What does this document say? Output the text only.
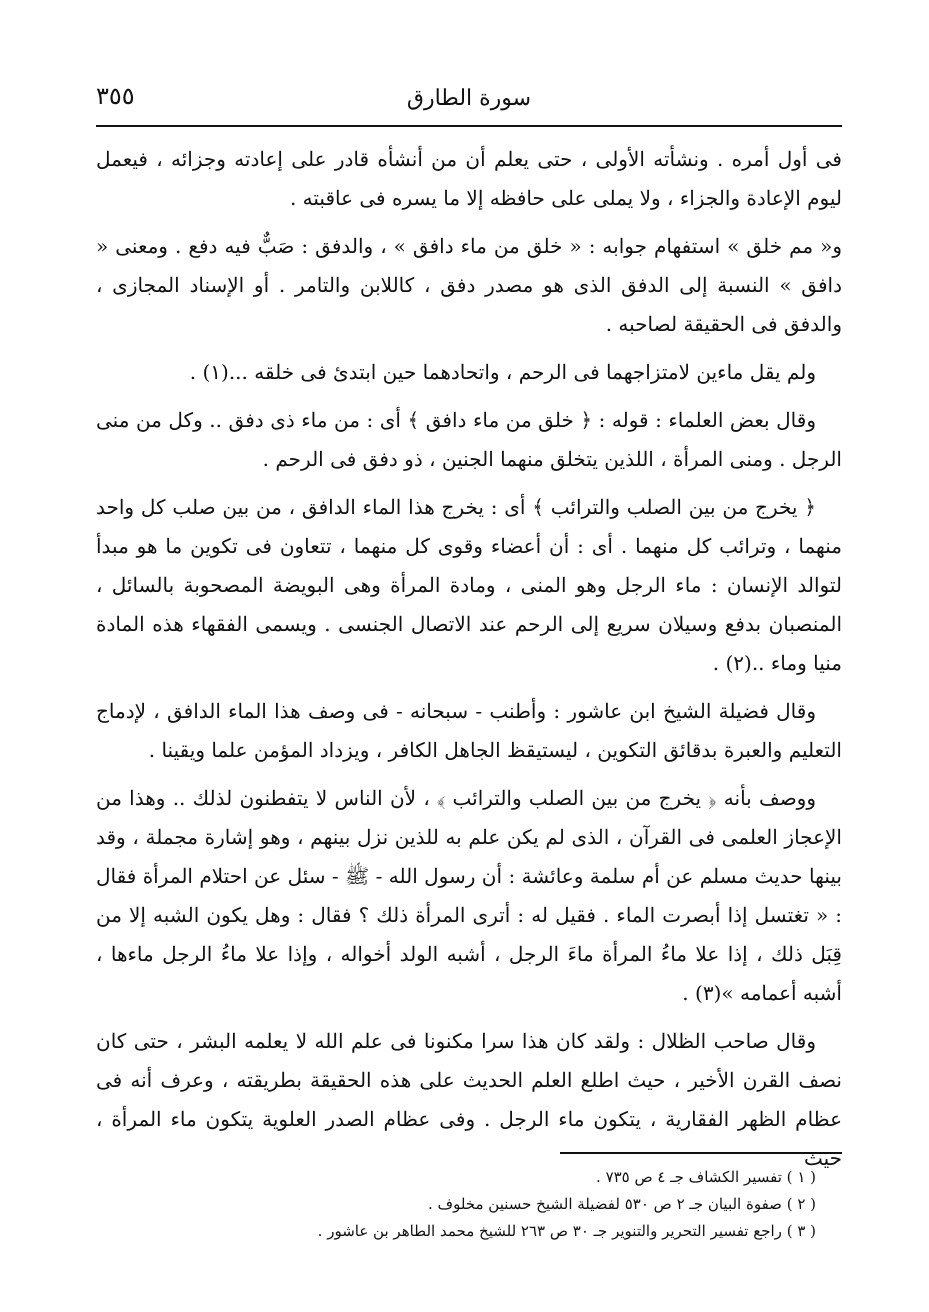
سورة الطارق
٣٥٥

فى أول أمره . ونشأته الأولى ، حتى يعلم أن من أنشأه قادر على إعادته وجزائه ، فيعمل ليوم الإعادة والجزاء ، ولا يملى على حافظه إلا ما يسره فى عاقبته .

و« مم خلق » استفهام جوابه : « خلق من ماء دافق » ، والدفق : صَبٌّ فيه دفع . ومعنى « دافق » النسبة إلى الدفق الذى هو مصدر دفق ، كاللابن والتامر . أو الإسناد المجازى ، والدفق فى الحقيقة لصاحبه .

ولم يقل ماءين لامتزاجهما فى الرحم ، واتحادهما حين ابتدئ فى خلقه ...(١) .

وقال بعض العلماء : قوله : ﴿ خلق من ماء دافق ﴾ أى : من ماء ذى دفق .. وكل من منى الرجل . ومنى المرأة ، اللذين يتخلق منهما الجنين ، ذو دفق فى الرحم .

﴿ يخرج من بين الصلب والترائب ﴾ أى : يخرج هذا الماء الدافق ، من بين صلب كل واحد منهما ، وترائب كل منهما . أى : أن أعضاء وقوى كل منهما ، تتعاون فى تكوين ما هو مبدأ لتوالد الإنسان : ماء الرجل وهو المنى ، ومادة المرأة وهى البويضة المصحوبة بالسائل ، المنصبان بدفع وسيلان سريع إلى الرحم عند الاتصال الجنسى . ويسمى الفقهاء هذه المادة منيا وماء ..(٢) .

وقال فضيلة الشيخ ابن عاشور : وأطنب - سبحانه - فى وصف هذا الماء الدافق ، لإدماج التعليم والعبرة بدقائق التكوين ، ليستيقظ الجاهل الكافر ، ويزداد المؤمن علما ويقينا .

ووصف بأنه ﴿ يخرج من بين الصلب والترائب ﴾ ، لأن الناس لا يتفطنون لذلك .. وهذا من الإعجاز العلمى فى القرآن ، الذى لم يكن علم به للذين نزل بينهم ، وهو إشارة مجملة ، وقد بينها حديث مسلم عن أم سلمة وعائشة : أن رسول الله - ﷺ - سئل عن احتلام المرأة فقال : « تغتسل إذا أبصرت الماء . فقيل له : أترى المرأة ذلك ؟ فقال : وهل يكون الشبه إلا من قِبَل ذلك ، إذا علا ماءُ المرأة ماءَ الرجل ، أشبه الولد أخواله ، وإذا علا ماءُ الرجل ماءها ، أشبه أعمامه »(٣) .

وقال صاحب الظلال : ولقد كان هذا سرا مكنونا فى علم الله لا يعلمه البشر ، حتى كان نصف القرن الأخير ، حيث اطلع العلم الحديث على هذه الحقيقة بطريقته ، وعرف أنه فى عظام الظهر الفقارية ، يتكون ماء الرجل . وفى عظام الصدر العلوية يتكون ماء المرأة ، حيث

( ١ ) تفسير الكشاف جـ ٤ ص ٧٣٥ .
( ٢ ) صفوة البيان جـ ٢ ص ٥٣٠ لفضيلة الشيخ حسنين مخلوف .
( ٣ ) راجع تفسير التحرير والتنوير جـ ٣٠ ص ٢٦٣ للشيخ محمد الطاهر بن عاشور .
